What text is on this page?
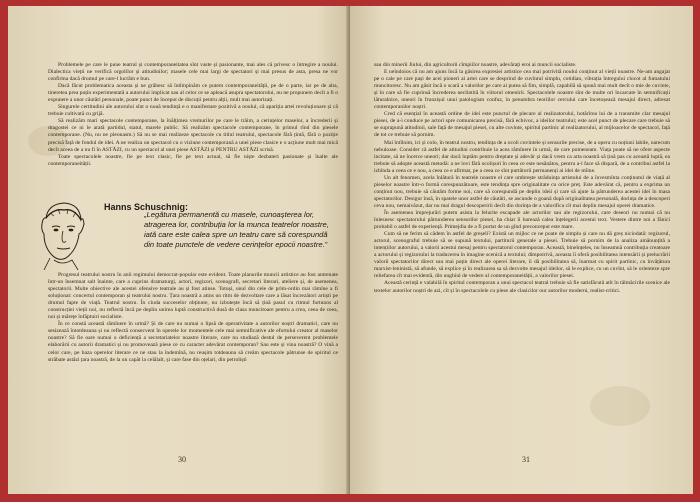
Problemele pe care le pune teatrul și contemporaneitatea sînt vaste și pasionante, mai ales că privesc o întregire a noului. Dialecticа vieții ne verifică orgolilor și atitudinilor; masele cele mai largi de spectatori și mai presus de asta, presa ne vor confirma dacă drumul pe care-l lucrăm e bun.

Dacă făcut problematica aceasta și ne grăbesc să întîmpinăm ce putem contemporaneității, pe de o parte, iar pe de alta, tineretea prea puțin experimentată a autorului implicat sau al celor ce se apleacă asupra spectatorului, nu ne propunem decît a fi o expunere a unor căutări personale, poate punct de început de discuții pentru alții, mult mai autorizați.

Singurele certitudini ale autorului sînt o nouă tendință e o manifestare pozitivă a noului, că apariția artei revoluționare și că trebuie cultivată cu grijă.

Să realizăm mari spectacole contemporane, la înălțimea vremurilor pe care le trăim, a cerințelor maselor, a încrederii și dragostei ce ni le arată partidul, statul, marele public. Să realizăm spectacole contemporane, în primul rînd din piesele contemporane. (Nu, nu ne pleonasm.) Să nu se mai realizeze spectacole cu titlul teatrului, spectacole fără țintă, fără o poziție precisă față de fondul de idei. A ne realiza un spectacol cu o viziune contemporană a unei piese clasice e o acțiune mult mai mică decît aceea de a nu fi în ASTĂZI, cu un spectacol al unei piese ASTĂZI și PENTRU ASTĂZI scrisă.

Toate spectacolele noastre, fie pe text clasic, fie pe text actual, să fie niște dezbateri pasionate și înalte ale contemporaneității.

Hanns Schuschnig:
„Legătura permanentă cu masele, cunoașterea lor, atragerea lor, contribuția lor la munca teatrelor noastre, iată care este calea spre un teatru care să corespundă din toate punctele de vedere cerințelor epocii noastre.”

Progresul teatrului nostru în anii regimului democrat-popular este evident. Toate planurile muncii artistice au fost antrenate într-un însemnat salt înainte, care a cuprins dramaturgi, actori, regizori, scenografi, secretari literari, ateliere și, de asemenea, spectatorii. Multe obiective ale acestei ofensive teatrale au și fost atinse. Totuși, unul din cele de prim-ordin mai rămîne a fi soluționat: concertul contemporan și teatrului nostru. Țara noastră a atins un ritm de dezvoltare care a lăsat încrezători artiști pe drumul fapte de viață. Teatrul nostru. În ciuda succeselor obținute, nu izbutește încă să țină pasul cu ritmul furtunos al construcției vieții noi, nu reflectă încă pe deplin unirea luptă constructivă dusă de clasa muncitoare pentru a crea, ceea de ceea, noi și mărețe înfăptuiri socialiste.

În ce constă această rămînere în urmă? Și de care nu numai o lipsă de operativitate a autorilor noștri dramatici, care nu sesizează întotdeauna și nu reflectă consecvent în operele lor momentele cele mai semnificative ale efortului creator al maselor noastre? Să fie oare numai o deficiență a secretariatelor noastre literare, care nu studiază destul de perseverent problemele elaborării cu autorii dramatici și nu promovează piese ce cu caracter adevărat contemporan? Sau este și vina noastră? O vină a celor care, pe baza operelor literare ce ne stau la îndemînă, nu reușim totdeauna să creăm spectacole pătrunse de spiritul ce străbate astăzi țara noastră, de la un capăt la celălalt, și care fase din oțelari, din petroliști

30

sau din minerii Jiului, din agricultorii cîmpiilor noastre, adevărați eroi ai muncii socialiste.

E neîndoios că nu am ajuns încă la găsirea expresiei artistice cea mai potrivită noului conținut al vieții noastre. Ne-am angajat pe o cale pe care pași de acei pioneri ai artei care se desprind de cuvîntul simplu, cotidian, vibrația întregului clocot al fumatului muncitoresc. Nu am găsit încă o scară a valorilor pe care ai putea să fim, simplă, capabilă să spună mai mult decît o mie de cuvinte, și în care să fie cuprinsă încrederea neclintită în viitorul omenirii. Spectacolele noastre sînt de multe ori încarcate în semnificații lăturalnice, uneori în frunzișul unui patologism confuz, în penumbra teoriilor cercului care încetoșează mesajul direct, adresat contemporanilor noștri.

Cred că esențial în această ordine de idei este punctul de plecare al realizatorului, hotărîrea lui de a transmite clar mesajul piesei, de a-i conduce pe actori spre comunicarea precisă, fără echivoc, a ideilor teatrului; este acel punct de plecare care trebuie să se suprapună atitudinii, sale față de mesajul piesei, cu alte cuvinte, spiritul partinic al realizatorului, al mijloacelor de spectacol, față de tot ce trebuie să pornim.

Mai întîlnim, ici și colo, în teatrul nostru, tendința de a ocoli cuvintele și sensurile precise, de a opera cu noțiuni labile, oarecum nebuloase. Consider că astfel de atitudini contribuie la acea rămînere în urmă, de care pomeneam. Viața poate să ne ofere aspecte incitate, să ne încerce uneori; dar dacă luptăm pentru dreptate și adevăr și dacă vrem ca arta noastră să țină pas cu această luptă, ea trebuie să adopte această metodă: a ne lovi fără ocolișuri în ceea ce este nesănătos, pentru a-l face să dispară, de a contribui astfel la izbînda a ceea ce e nou, a ceea ce e afirmat, pe a ceea ce sînt purtătorii permanenți ai idei de mîine.

Un alt fenomen, acela înlătură în teatrele noastre el care umbrește străduința artistului de a învesmînta conținutul de viață al pieselor noastre într-o formă corespunzătoare, este tendința spre originalitate cu orice preț. Este adevărat că, pentru a exprima un conținut nou, trebuie să căutăm forme noi, care să corespundă pe deplin ideii și care să ajute la pătrunderea acestei idei în masa spectatorilor. Desigur însă, în spatele unor astfel de căutări, se ascunde o goană după originalitatea personală, dorința de a descoperi ceva nou, nemaivăzut, dar nu mai dragul descoperirii decît din dorința de a valorifica cît mai deplin mesajul operei dramatice.

În asemenea împrejurări putem asista la felurite escapade ale actorilor sau ale regizorului, care deseori nu numai că nu înlesnesc spectatorului pătrunderea sensurilor piesei, ba chiar îi barează calea înțelegerii acestui text. Vestere dintre noi a fănici probabil o astfel de experiență. Primejdia de a fi purtat de un gînd preconceput este mare.

Cum să ne ferim să cădem în astfel de greșeli? Există un mijloc ce ne poate de simplu și care nu dă greș niciodată: regizorul, actorul, scenograful trebuie să se supună textului, partiturii generale a piesei. Trebuie să pornim de la analiza amănunțită a intențiilor autorului, a valorii acestui mesaj pentru spectatorul contemporan. Această, bineînțeles, nu înseamnă contribuția creatoare a actorului și regizorului la traducerea în imagine scenică a textului; dimpotrivă, aceasta îi oferă posibilitatea intensării și prelucrării valorii spectatorilor direct sau mai puțin direct ale operei literare, îi dă posibilitatea să, înarmat cu spirit partinic, cu învățătura marxist-leninistă, să afunde, să explice și în realizarea sa să dezvolte mesajul ideilor, să le explice, cu un cuvînt, să le orienteze spre reliefarea cît mai evidentă, din unghiul de vedere al contemporaneității, a valorilor piesei.

Această cerință e valabilă în spiritul contemporan a unui spectacol teatral trebuie să fie satisfăcută atît în tălmăcirile scenice ale textelor autorilor noștri de azi, cît și în spectacolele cu piese ale clasicilor our autorilor moderni, realist-critici.

31
